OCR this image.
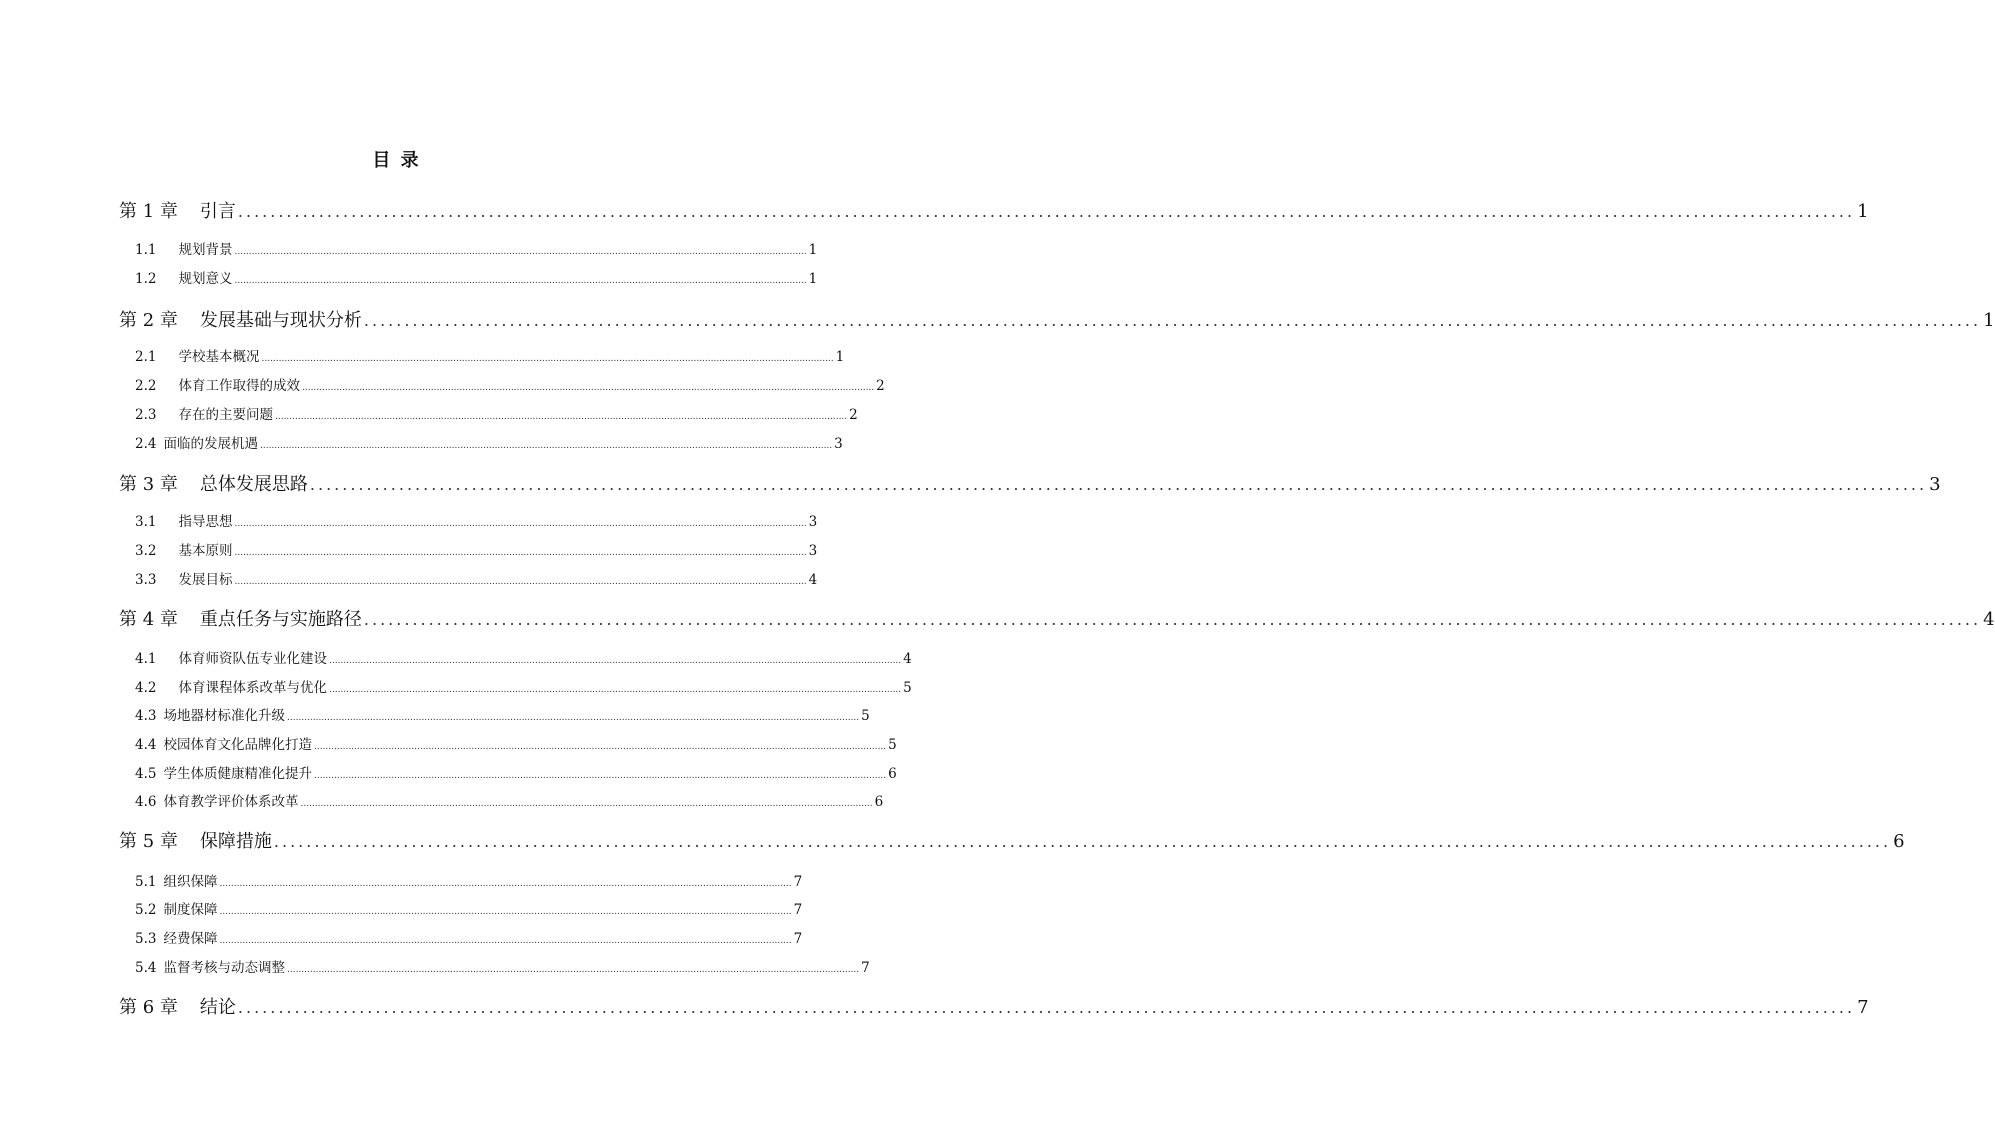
目 录
第 1 章 引言 ........................................................................................................................................................................................................ 1
1.1 规划背景 ........................................................................................................................................................................................................ 1
1.2 规划意义 ........................................................................................................................................................................................................ 1
第 2 章 发展基础与现状分析 ........................................................................................................................................................................................................ 1
2.1 学校基本概况 ........................................................................................................................................................................................................ 1
2.2 体育工作取得的成效 ........................................................................................................................................................................................................ 2
2.3 存在的主要问题 ........................................................................................................................................................................................................ 2
2.4 面临的发展机遇 ........................................................................................................................................................................................................ 3
第 3 章 总体发展思路 ........................................................................................................................................................................................................ 3
3.1 指导思想 ........................................................................................................................................................................................................ 3
3.2 基本原则 ........................................................................................................................................................................................................ 3
3.3 发展目标 ........................................................................................................................................................................................................ 4
第 4 章 重点任务与实施路径 ........................................................................................................................................................................................................ 4
4.1 体育师资队伍专业化建设 ........................................................................................................................................................................................................ 4
4.2 体育课程体系改革与优化 ........................................................................................................................................................................................................ 5
4.3 场地器材标准化升级 ........................................................................................................................................................................................................ 5
4.4 校园体育文化品牌化打造 ........................................................................................................................................................................................................ 5
4.5 学生体质健康精准化提升 ........................................................................................................................................................................................................ 6
4.6 体育教学评价体系改革 ........................................................................................................................................................................................................ 6
第 5 章 保障措施 ........................................................................................................................................................................................................ 6
5.1 组织保障 ........................................................................................................................................................................................................ 7
5.2 制度保障 ........................................................................................................................................................................................................ 7
5.3 经费保障 ........................................................................................................................................................................................................ 7
5.4 监督考核与动态调整 ........................................................................................................................................................................................................ 7
第 6 章 结论 ........................................................................................................................................................................................................ 7
